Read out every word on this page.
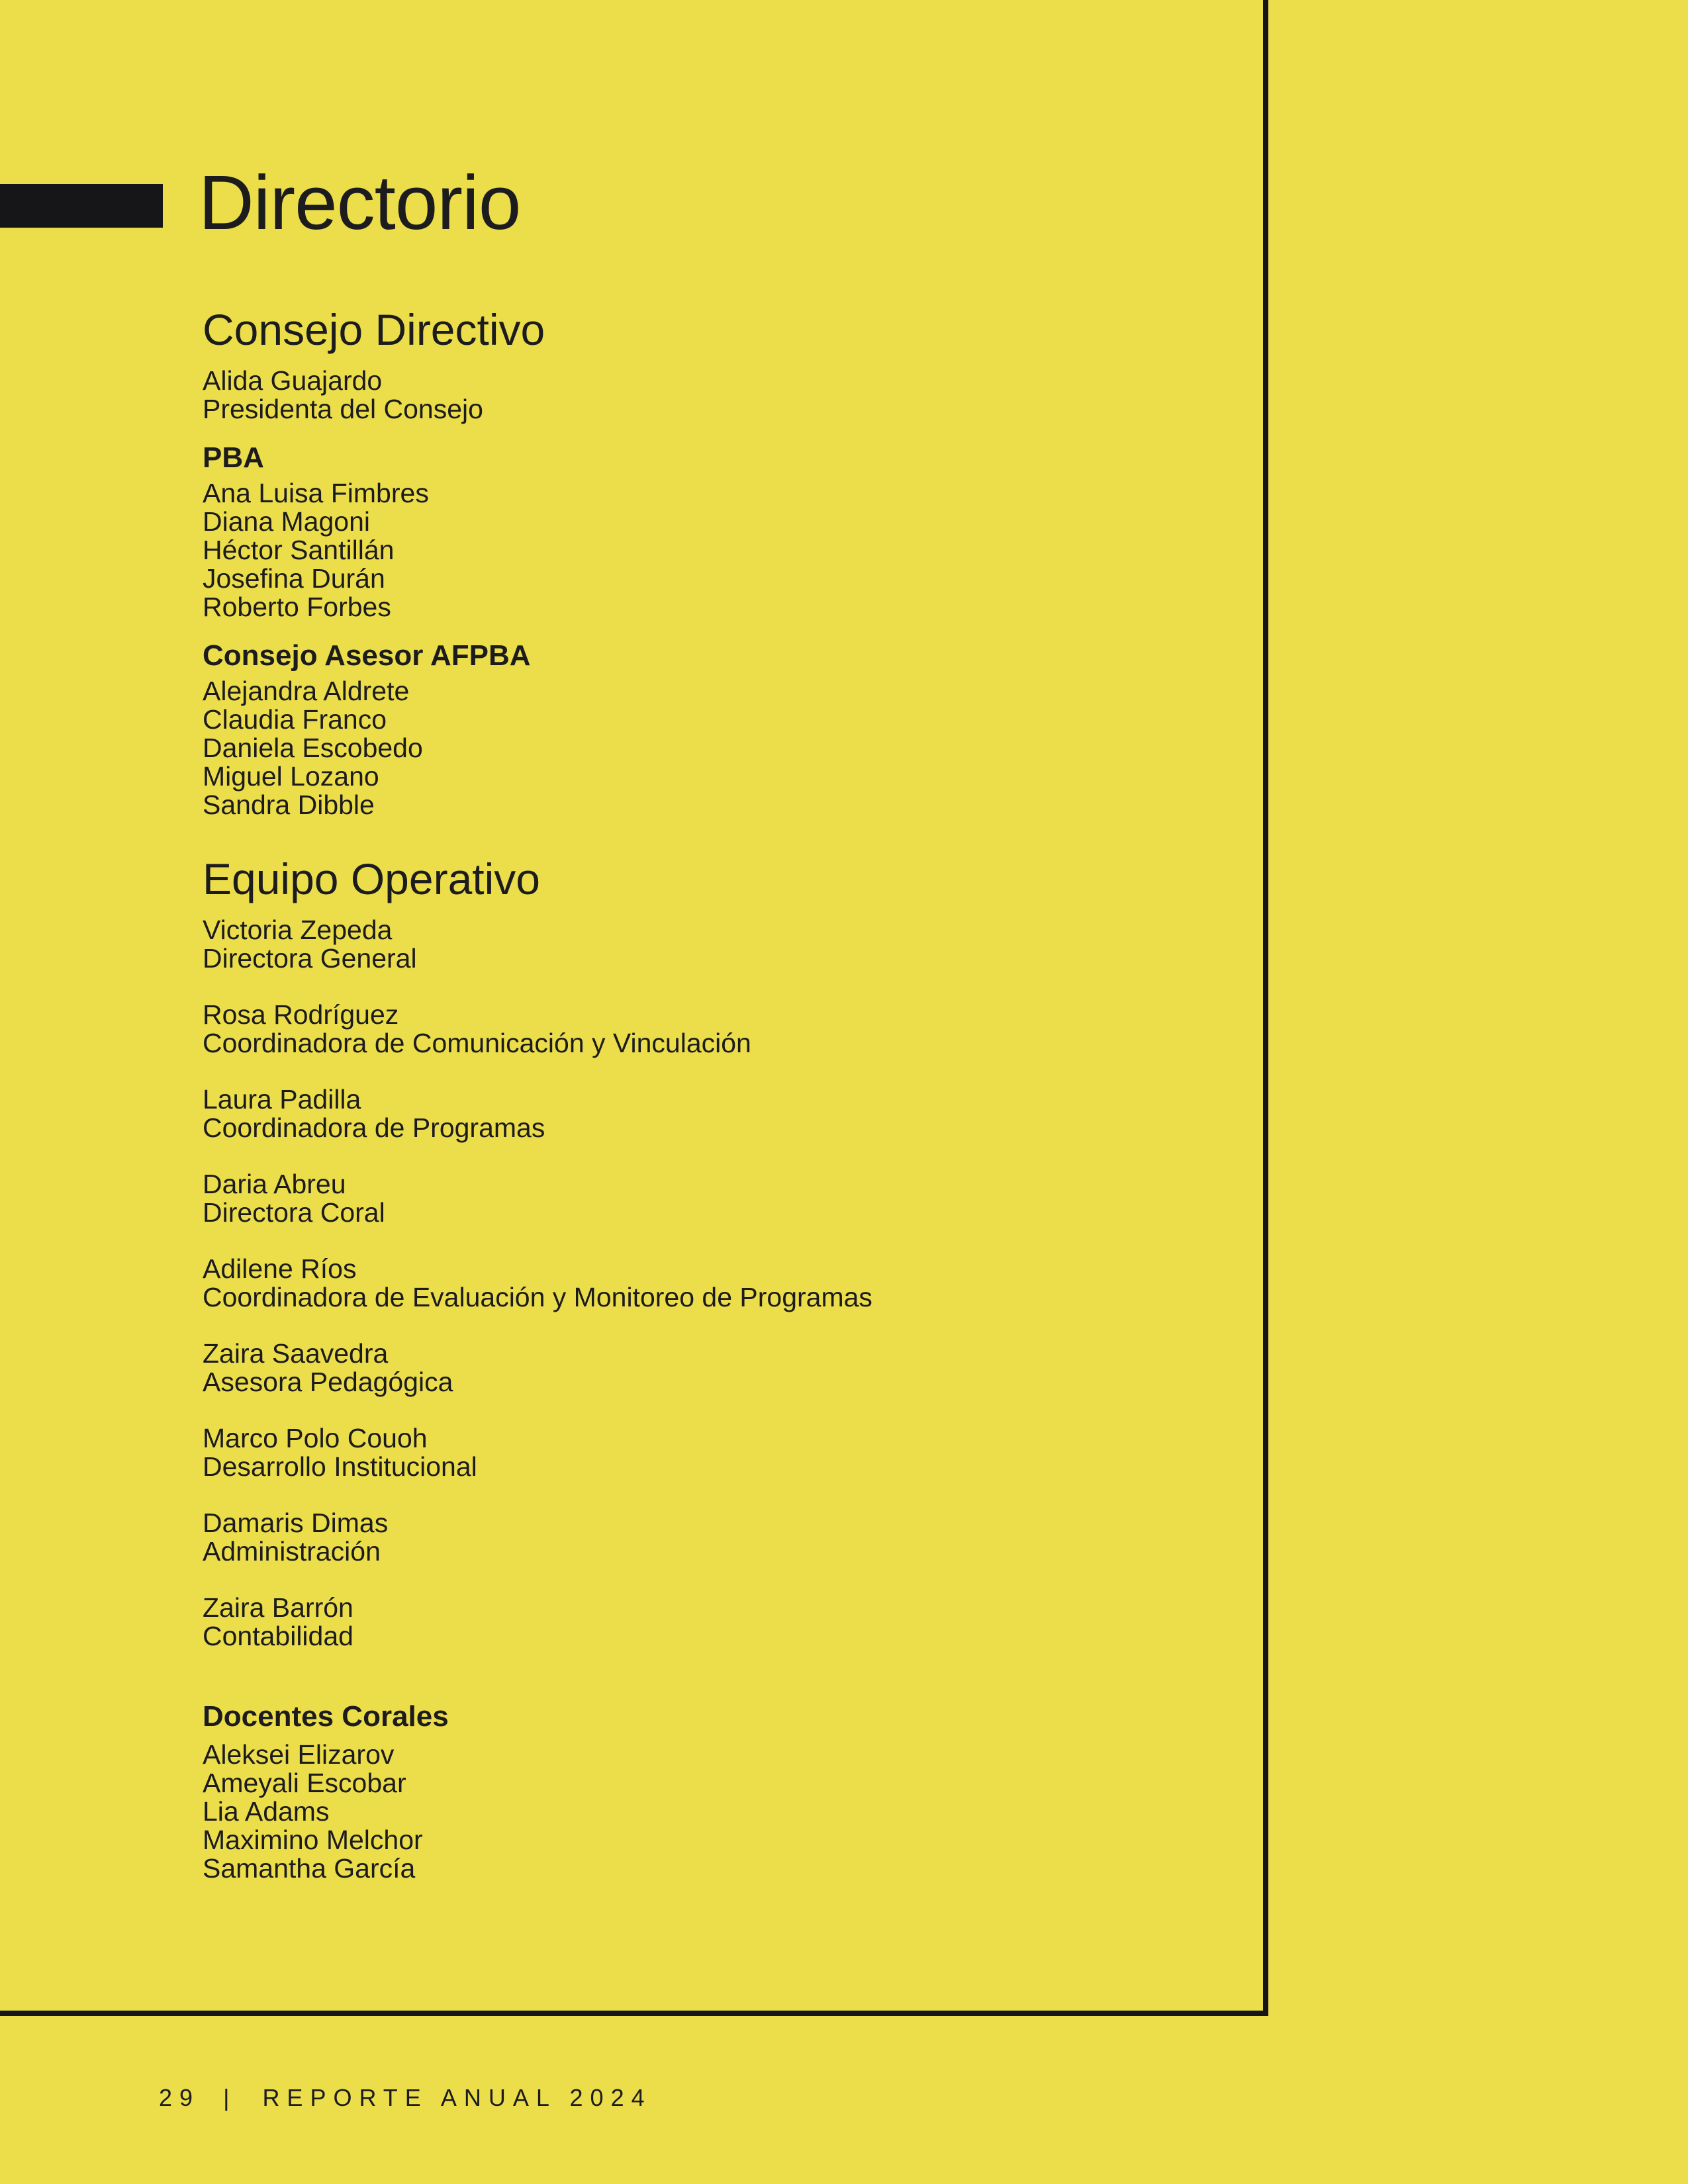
Directorio
Consejo Directivo
Alida Guajardo
Presidenta del Consejo
PBA
Ana Luisa Fimbres
Diana Magoni
Héctor Santillán
Josefina Durán
Roberto Forbes
Consejo Asesor AFPBA
Alejandra Aldrete
Claudia Franco
Daniela Escobedo
Miguel Lozano
Sandra Dibble
Equipo Operativo
Victoria Zepeda
Directora General
Rosa Rodríguez
Coordinadora de Comunicación y Vinculación
Laura Padilla
Coordinadora de Programas
Daria Abreu
Directora Coral
Adilene Ríos
Coordinadora de Evaluación y Monitoreo de Programas
Zaira Saavedra
Asesora Pedagógica
Marco Polo Couoh
Desarrollo Institucional
Damaris Dimas
Administración
Zaira Barrón
Contabilidad
Docentes Corales
Aleksei Elizarov
Ameyali Escobar
Lia Adams
Maximino Melchor
Samantha García
29 | REPORTE ANUAL 2024
